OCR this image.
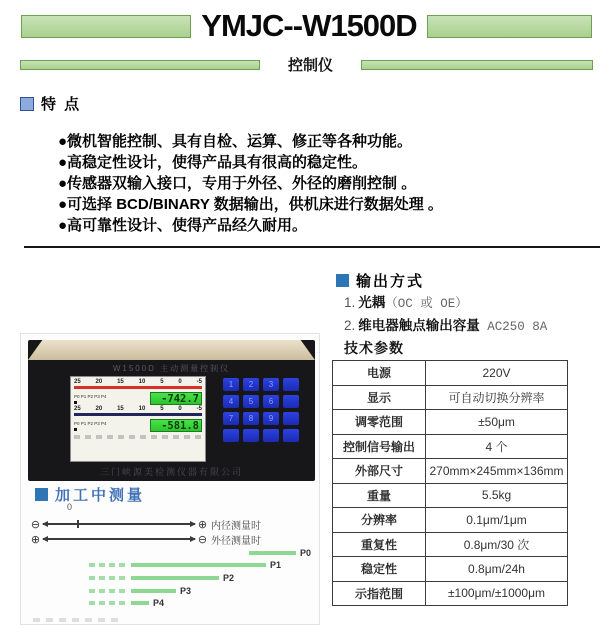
YMJC--W1500D
控制仪
特 点
●微机智能控制、具有自检、运算、修正等各种功能。
●高稳定性设计，使得产品具有很高的稳定性。
●传感器双输入接口，专用于外径、外径的磨削控制 。
●可选择 BCD/BINARY 数据输出，供机床进行数据处理 。
●高可靠性设计、使得产品经久耐用。
输出方式
1. 光耦（OC 或 OE）
2. 维电器触点输出容量 AC250 8A
技术参数
电源	220V
显示	可自动切换分辨率
调零范围	±50μm
控制信号输出	4 个
外部尺寸	270mm×245mm×136mm
重量	5.5kg
分辨率	0.1μm/1μm
重复性	0.8μm/30 次
稳定性	0.8μm/24h
示指范围	±100μm/±1000μm
W1500D 主动测量控制仪
25 20 15 10 5 0 -5
P0 P1 P2 P3 P4	-742.7
25 20 15 10 5 0 -5
P0 P1 P2 P3 P4	-581.8
1	2	3
4	5	6
7	8	9
三门峡源美检测仪器有限公司
加工中测量
0
⊖	⊕ 内径测量时
⊕	⊖ 外径测量时
P0
P1
P2
P3
P4
